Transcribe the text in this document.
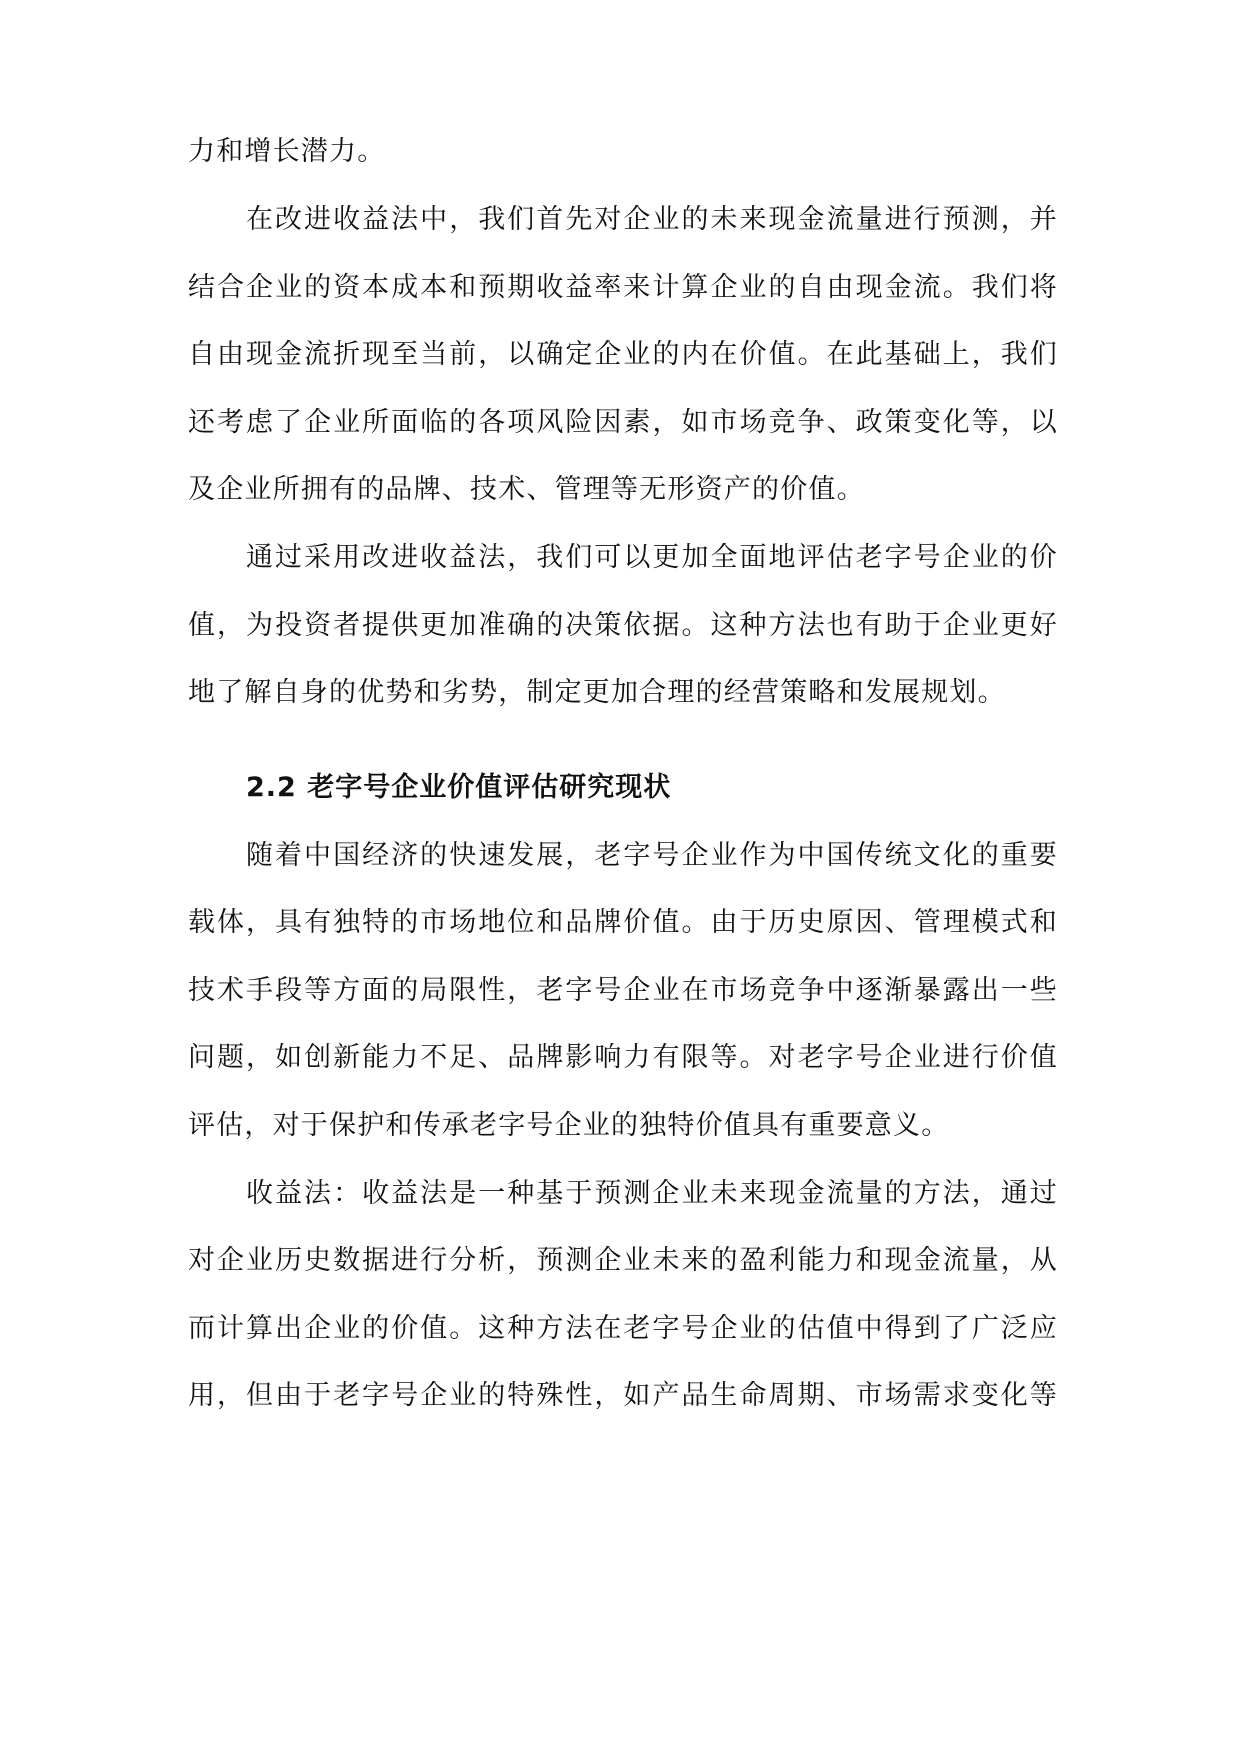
力和增长潜力。
在改进收益法中，我们首先对企业的未来现金流量进行预测，并
结合企业的资本成本和预期收益率来计算企业的自由现金流。我们将
自由现金流折现至当前，以确定企业的内在价值。在此基础上，我们
还考虑了企业所面临的各项风险因素，如市场竞争、政策变化等，以
及企业所拥有的品牌、技术、管理等无形资产的价值。
通过采用改进收益法，我们可以更加全面地评估老字号企业的价
值，为投资者提供更加准确的决策依据。这种方法也有助于企业更好
地了解自身的优势和劣势，制定更加合理的经营策略和发展规划。
2.2 老字号企业价值评估研究现状
随着中国经济的快速发展，老字号企业作为中国传统文化的重要
载体，具有独特的市场地位和品牌价值。由于历史原因、管理模式和
技术手段等方面的局限性，老字号企业在市场竞争中逐渐暴露出一些
问题，如创新能力不足、品牌影响力有限等。对老字号企业进行价值
评估，对于保护和传承老字号企业的独特价值具有重要意义。
收益法：收益法是一种基于预测企业未来现金流量的方法，通过
对企业历史数据进行分析，预测企业未来的盈利能力和现金流量，从
而计算出企业的价值。这种方法在老字号企业的估值中得到了广泛应
用，但由于老字号企业的特殊性，如产品生命周期、市场需求变化等
